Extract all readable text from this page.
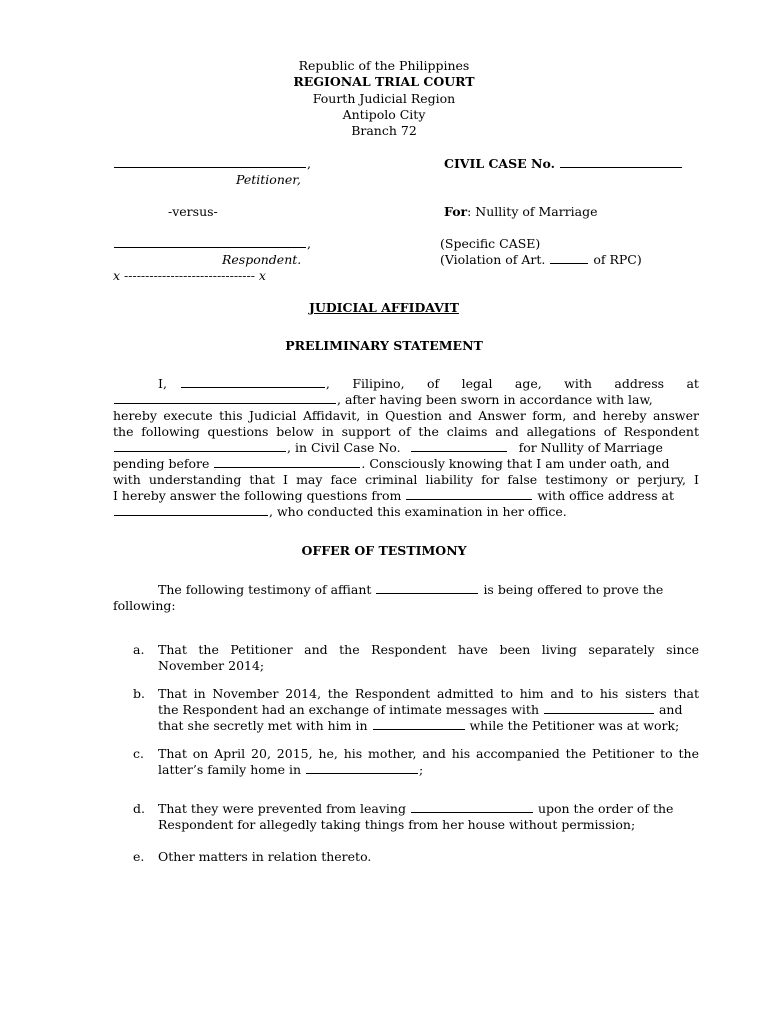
Republic of the Philippines
REGIONAL TRIAL COURT
Fourth Judicial Region
Antipolo City
Branch 72
,
Petitioner,
-versus-
,
Respondent.
x ------------------------------- x
CIVIL CASE No.
For: Nullity of Marriage
(Specific CASE)
(Violation of Art.	of RPC)
JUDICIAL AFFIDAVIT
PRELIMINARY STATEMENT
I,	, Filipino, of legal age, with address at
, after having been sworn in accordance with law,
hereby execute this Judicial Affidavit, in Question and Answer form, and hereby answer
the following questions below in support of the claims and allegations of Respondent
, in Civil Case No.	for Nullity of Marriage
pending before	. Consciously knowing that I am under oath, and
with understanding that I may face criminal liability for false testimony or perjury, I
I hereby answer the following questions from	with office address at
, who conducted this examination in her office.
OFFER OF TESTIMONY
The following testimony of affiant	is being offered to prove the
following:
a. That the Petitioner and the Respondent have been living separately since
November 2014;
b. That in November 2014, the Respondent admitted to him and to his sisters that
the Respondent had an exchange of intimate messages with	and
that she secretly met with him in	while the Petitioner was at work;
c. That on April 20, 2015, he, his mother, and his accompanied the Petitioner to the
latter’s family home in	;
d. That they were prevented from leaving	upon the order of the
Respondent for allegedly taking things from her house without permission;
e. Other matters in relation thereto.
